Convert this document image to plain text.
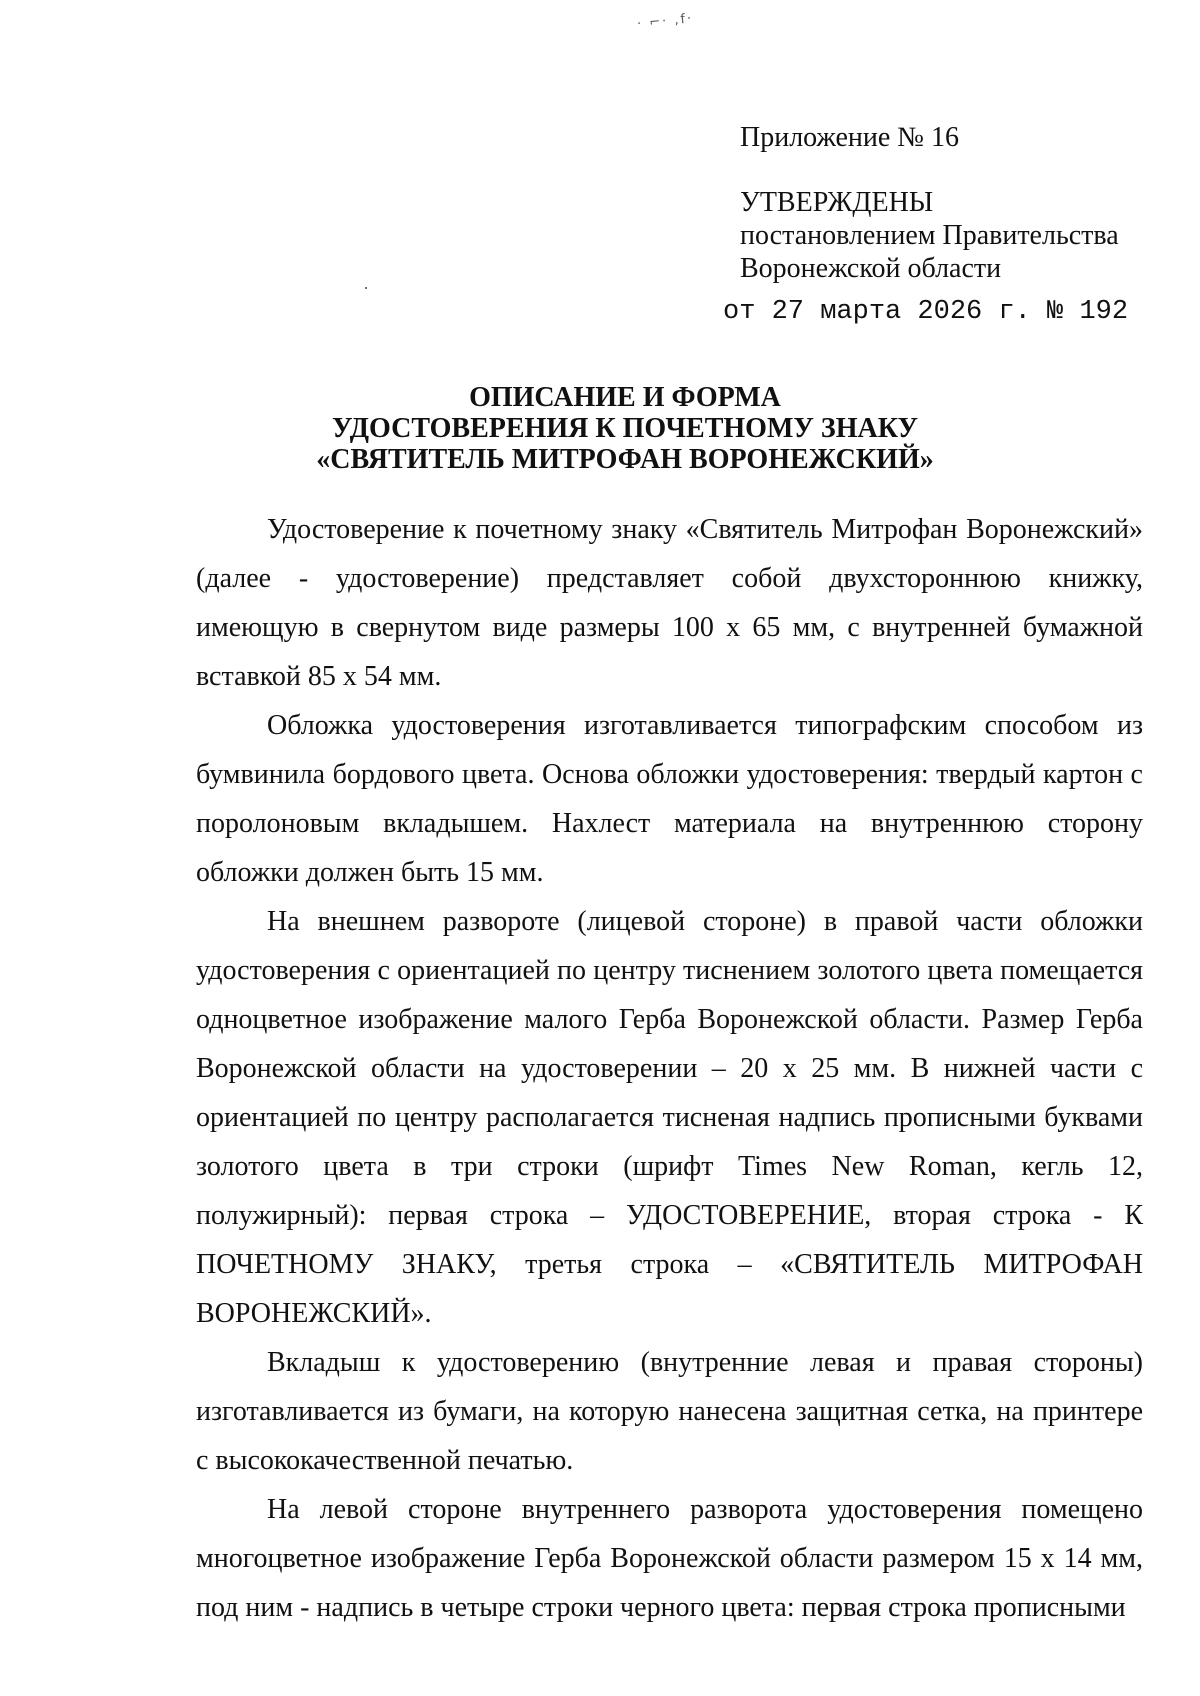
· ⌐· ,f·
Приложение № 16
УТВЕРЖДЕНЫ
постановлением Правительства
Воронежской области
от 27 марта 2026 г. № 192
ОПИСАНИЕ И ФОРМА
УДОСТОВЕРЕНИЯ К ПОЧЕТНОМУ ЗНАКУ
«СВЯТИТЕЛЬ МИТРОФАН ВОРОНЕЖСКИЙ»

Удостоверение к почетному знаку «Святитель Митрофан Воронежский» (далее - удостоверение) представляет собой двухстороннюю книжку, имеющую в свернутом виде размеры 100 х 65 мм, с внутренней бумажной вставкой 85 х 54 мм.

Обложка удостоверения изготавливается типографским способом из бумвинила бордового цвета. Основа обложки удостоверения: твердый картон с поролоновым вкладышем. Нахлест материала на внутреннюю сторону обложки должен быть 15 мм.

На внешнем развороте (лицевой стороне) в правой части обложки удостоверения с ориентацией по центру тиснением золотого цвета помещается одноцветное изображение малого Герба Воронежской области. Размер Герба Воронежской области на удостоверении – 20 х 25 мм. В нижней части с ориентацией по центру располагается тисненая надпись прописными буквами золотого цвета в три строки (шрифт Times New Roman, кегль 12, полужирный): первая строка – УДОСТОВЕРЕНИЕ, вторая строка - К ПОЧЕТНОМУ ЗНАКУ, третья строка – «СВЯТИТЕЛЬ МИТРОФАН ВОРОНЕЖСКИЙ».

Вкладыш к удостоверению (внутренние левая и правая стороны) изготавливается из бумаги, на которую нанесена защитная сетка, на принтере с высококачественной печатью.

На левой стороне внутреннего разворота удостоверения помещено многоцветное изображение Герба Воронежской области размером 15 х 14 мм, под ним - надпись в четыре строки черного цвета: первая строка прописными
